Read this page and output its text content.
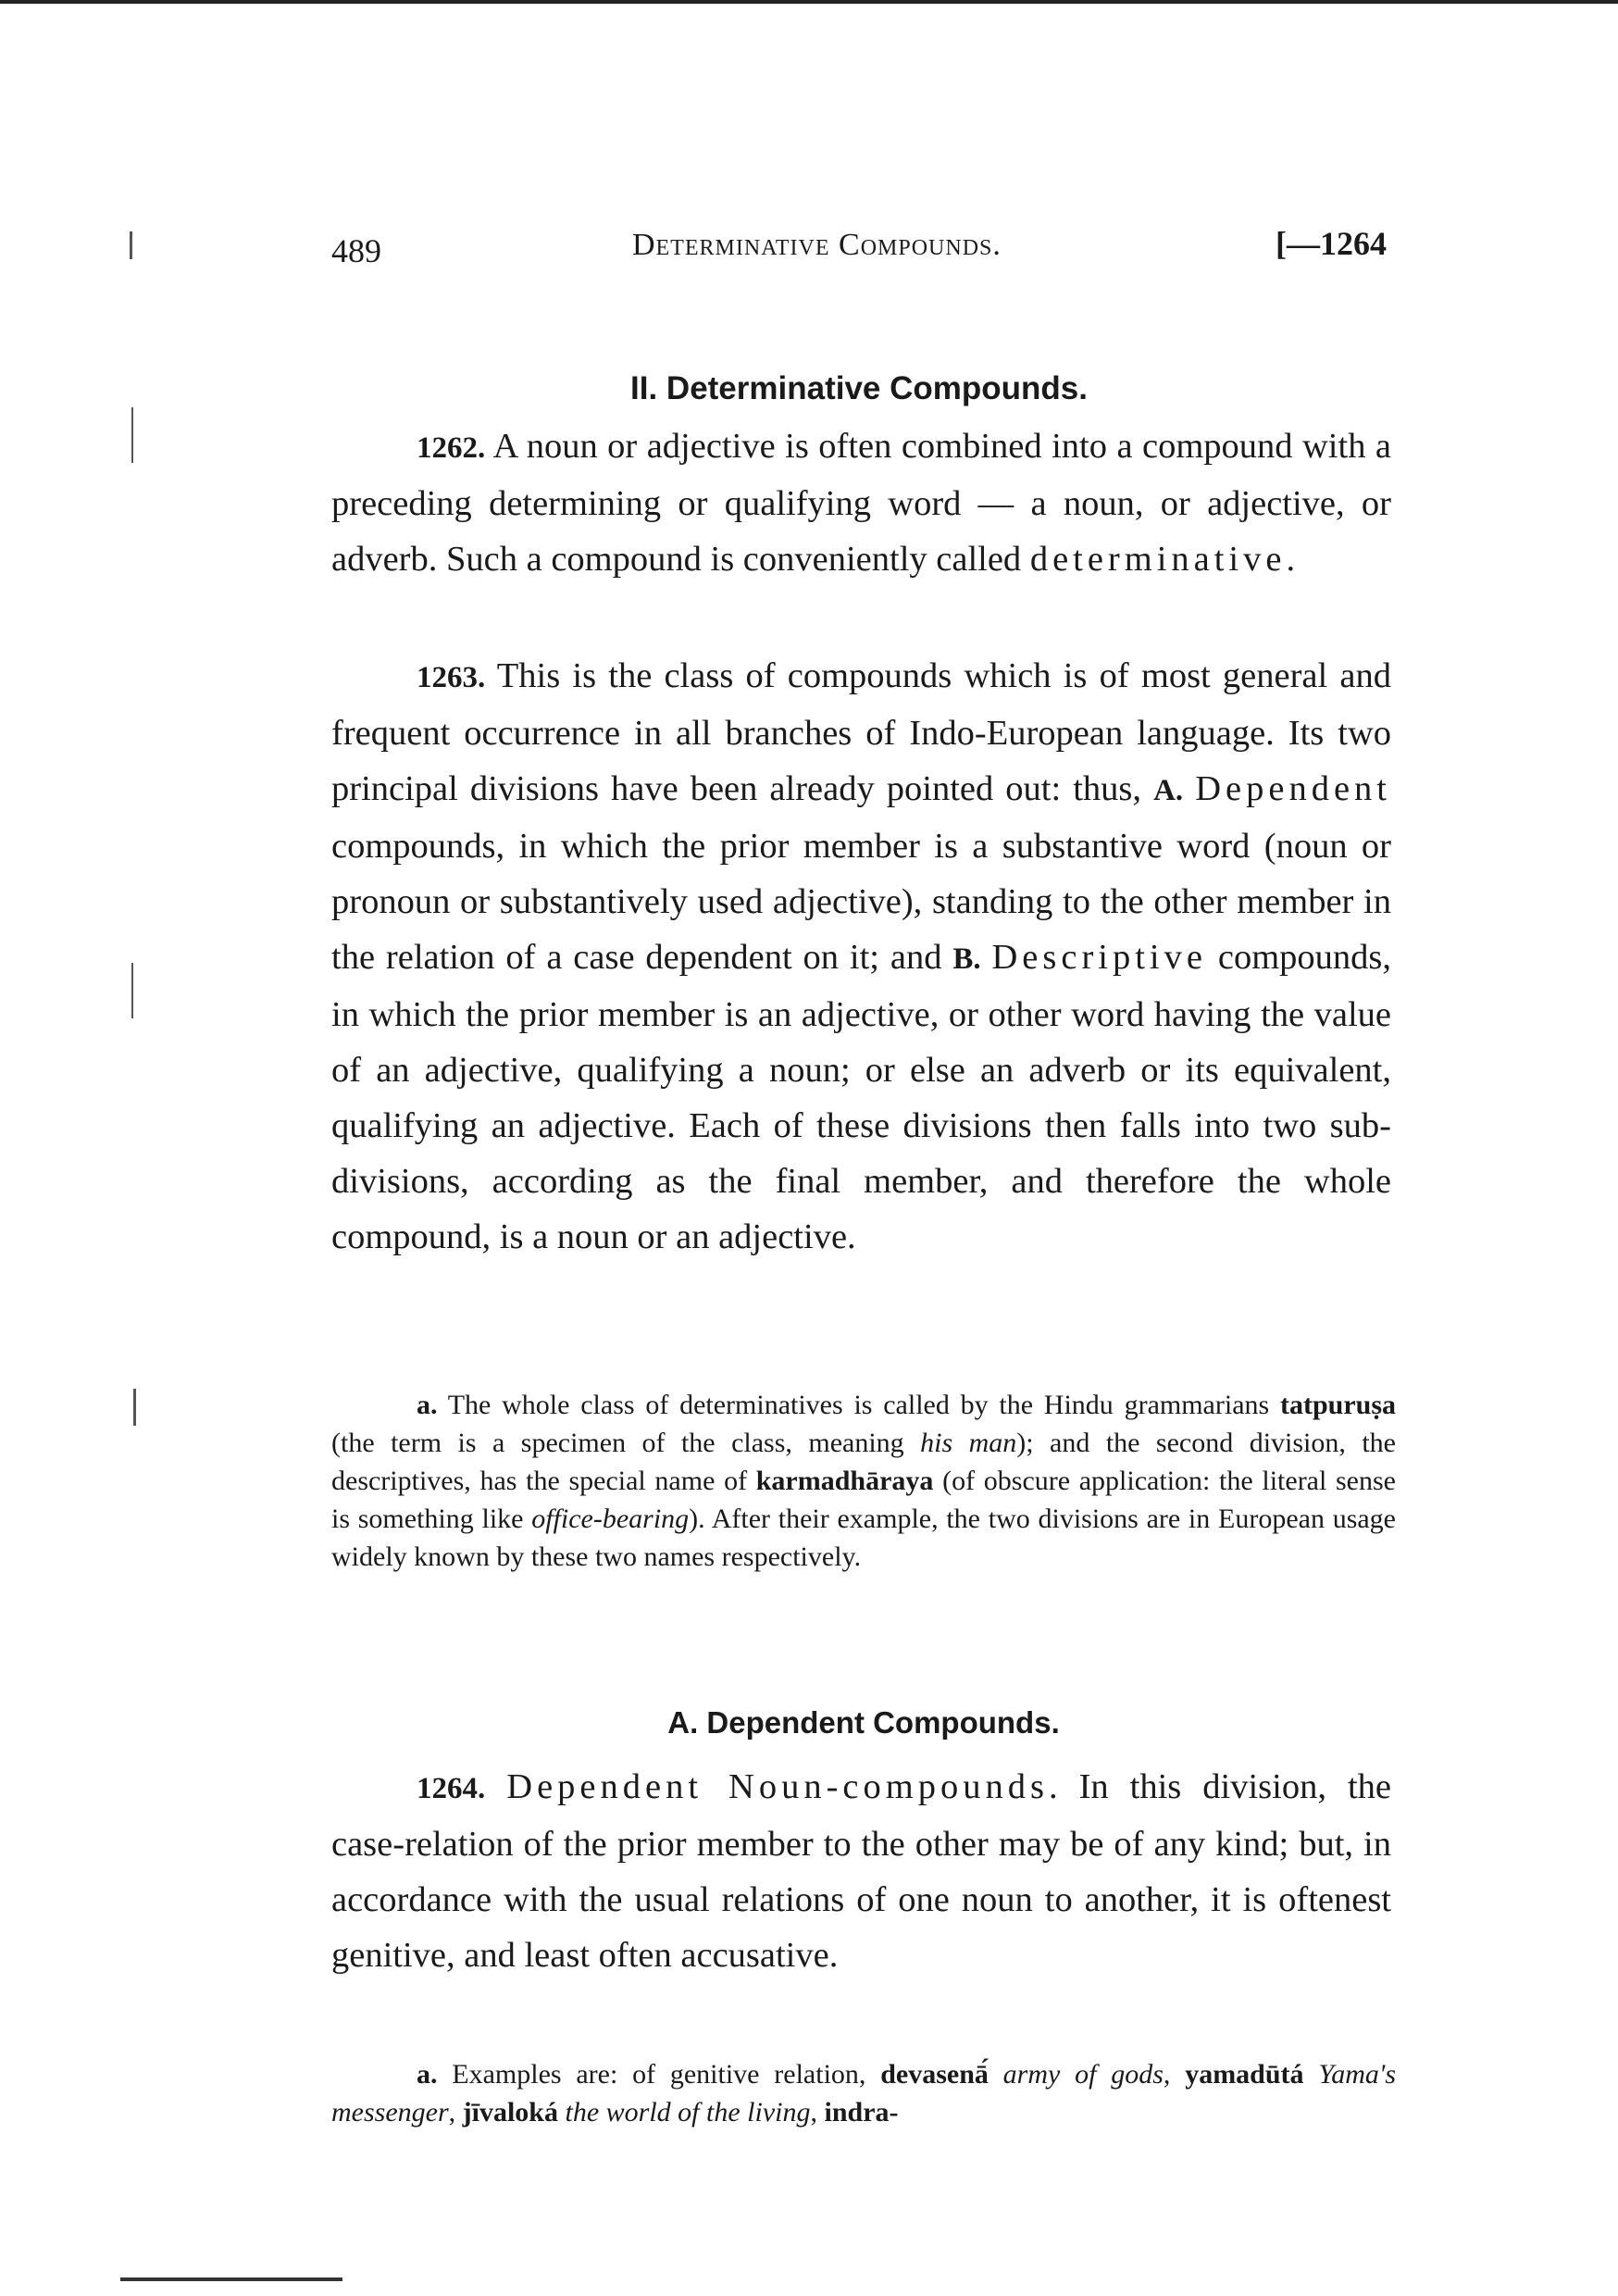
489	Determinative Compounds.	[—1264
II. Determinative Compounds.

1262. A noun or adjective is often combined into a compound with a preceding determining or qualifying word — a noun, or adjective, or adverb. Such a compound is conveniently called determinative.

1263. This is the class of compounds which is of most general and frequent occurrence in all branches of Indo-European language. Its two principal divisions have been already pointed out: thus, A. Dependent compounds, in which the prior member is a substantive word (noun or pronoun or substantively used adjective), standing to the other member in the relation of a case dependent on it; and B. Descriptive compounds, in which the prior member is an adjective, or other word having the value of an adjective, qualifying a noun; or else an adverb or its equivalent, qualifying an adjective. Each of these divisions then falls into two sub-divisions, according as the final member, and therefore the whole compound, is a noun or an adjective.

a. The whole class of determinatives is called by the Hindu grammarians tatpuruṣa (the term is a specimen of the class, meaning his man); and the second division, the descriptives, has the special name of karmadhāraya (of obscure application: the literal sense is something like office-bearing). After their example, the two divisions are in European usage widely known by these two names respectively.

A. Dependent Compounds.

1264. Dependent Noun-compounds. In this division, the case-relation of the prior member to the other may be of any kind; but, in accordance with the usual relations of one noun to another, it is oftenest genitive, and least often accusative.

a. Examples are: of genitive relation, devasenā́ army of gods, yamadūtá Yama's messenger, jīvaloká the world of the living, indra-
